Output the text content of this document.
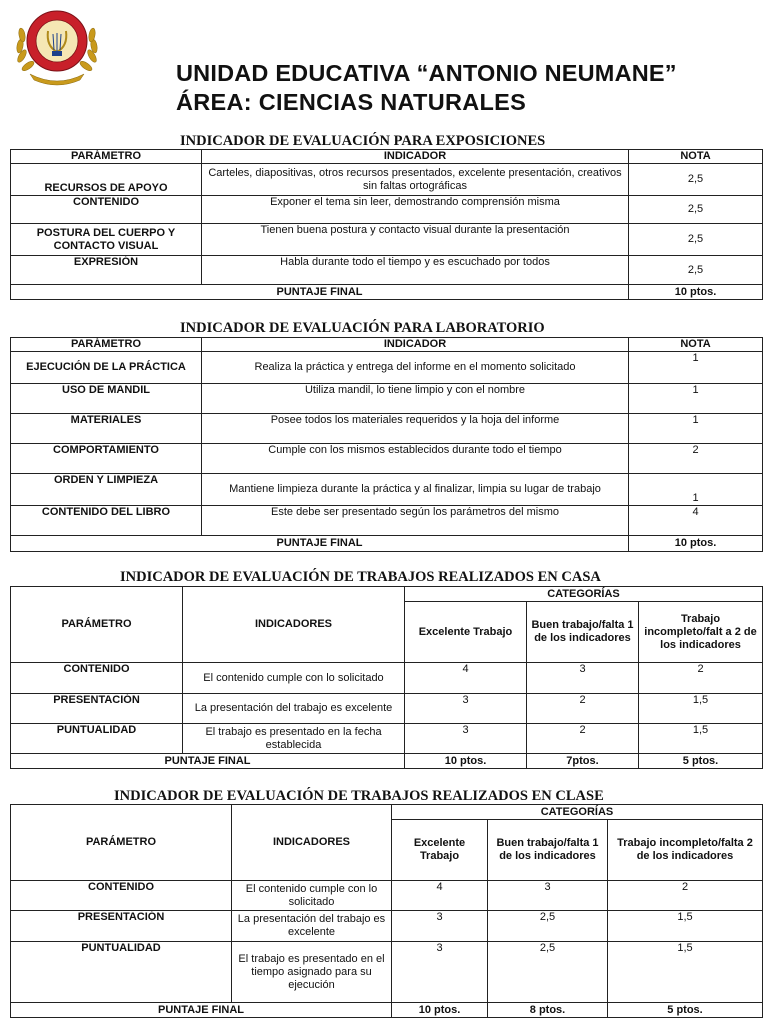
UNIDAD EDUCATIVA “ANTONIO NEUMANE”
ÁREA: CIENCIAS NATURALES
INDICADOR DE EVALUACIÓN PARA EXPOSICIONES
PARÁMETRO	INDICADOR	NOTA
RECURSOS DE APOYO	Carteles, diapositivas, otros recursos presentados, excelente presentación, creativos sin faltas ortográficas	2,5
CONTENIDO	Exponer el tema sin leer, demostrando comprensión misma	2,5
POSTURA DEL CUERPO Y CONTACTO VISUAL	Tienen buena postura y contacto visual durante la presentación	2,5
EXPRESIÓN	Habla durante todo el tiempo y es escuchado por todos	2,5
PUNTAJE FINAL		10 ptos.
INDICADOR DE EVALUACIÓN PARA LABORATORIO
PARÁMETRO	INDICADOR	NOTA
EJECUCIÓN DE LA PRÁCTICA	Realiza la práctica y entrega del informe en el momento solicitado	1
USO DE MANDIL	Utiliza mandil, lo tiene limpio y con el nombre	1
MATERIALES	Posee todos los materiales requeridos y la hoja del informe	1
COMPORTAMIENTO	Cumple con los mismos establecidos durante todo el tiempo	2
ORDEN Y LIMPIEZA	Mantiene limpieza durante la práctica y al finalizar, limpia su lugar de trabajo	1
CONTENIDO DEL LIBRO	Este debe ser presentado según los parámetros del mismo	4
PUNTAJE FINAL		10 ptos.
INDICADOR DE EVALUACIÓN DE TRABAJOS REALIZADOS EN CASA
PARÁMETRO	INDICADORES	CATEGORÍAS		
		Excelente Trabajo	Buen trabajo/falta 1 de los indicadores	Trabajo incompleto/falt a 2 de los indicadores
CONTENIDO	El contenido cumple con lo solicitado	4	3	2
PRESENTACIÓN	La presentación del trabajo es excelente	3	2	1,5
PUNTUALIDAD	El trabajo es presentado en la fecha establecida	3	2	1,5
PUNTAJE FINAL		10 ptos.	7ptos.	5 ptos.
INDICADOR DE EVALUACIÓN DE TRABAJOS REALIZADOS EN CLASE
PARÁMETRO	INDICADORES	CATEGORÍAS		
		Excelente Trabajo	Buen trabajo/falta 1 de los indicadores	Trabajo incompleto/falta 2 de los indicadores
CONTENIDO	El contenido cumple con lo solicitado	4	3	2
PRESENTACIÓN	La presentación del trabajo es excelente	3	2,5	1,5
PUNTUALIDAD	El trabajo es presentado en el tiempo asignado para su ejecución	3	2,5	1,5
PUNTAJE FINAL		10 ptos.	8 ptos.	5 ptos.
